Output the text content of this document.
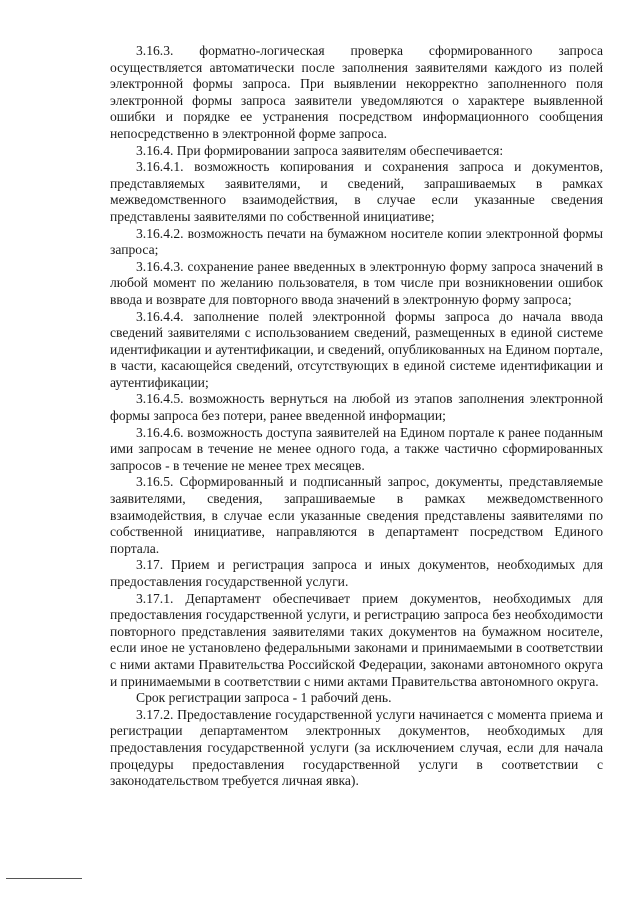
3.16.3. форматно-логическая проверка сформированного запроса осуществляется автоматически после заполнения заявителями каждого из полей электронной формы запроса. При выявлении некорректно заполненного поля электронной формы запроса заявители уведомляются о характере выявленной ошибки и порядке ее устранения посредством информационного сообщения непосредственно в электронной форме запроса.

3.16.4. При формировании запроса заявителям обеспечивается:

3.16.4.1. возможность копирования и сохранения запроса и документов, представляемых заявителями, и сведений, запрашиваемых в рамках межведомственного взаимодействия, в случае если указанные сведения представлены заявителями по собственной инициативе;

3.16.4.2. возможность печати на бумажном носителе копии электронной формы запроса;

3.16.4.3. сохранение ранее введенных в электронную форму запроса значений в любой момент по желанию пользователя, в том числе при возникновении ошибок ввода и возврате для повторного ввода значений в электронную форму запроса;

3.16.4.4. заполнение полей электронной формы запроса до начала ввода сведений заявителями с использованием сведений, размещенных в единой системе идентификации и аутентификации, и сведений, опубликованных на Едином портале, в части, касающейся сведений, отсутствующих в единой системе идентификации и аутентификации;

3.16.4.5. возможность вернуться на любой из этапов заполнения электронной формы запроса без потери, ранее введенной информации;

3.16.4.6. возможность доступа заявителей на Едином портале к ранее поданным ими запросам в течение не менее одного года, а также частично сформированных запросов - в течение не менее трех месяцев.

3.16.5. Сформированный и подписанный запрос, документы, представляемые заявителями, сведения, запрашиваемые в рамках межведомственного взаимодействия, в случае если указанные сведения представлены заявителями по собственной инициативе, направляются в департамент посредством Единого портала.

3.17. Прием и регистрация запроса и иных документов, необходимых для предоставления государственной услуги.

3.17.1. Департамент обеспечивает прием документов, необходимых для предоставления государственной услуги, и регистрацию запроса без необходимости повторного представления заявителями таких документов на бумажном носителе, если иное не установлено федеральными законами и принимаемыми в соответствии с ними актами Правительства Российской Федерации, законами автономного округа и принимаемыми в соответствии с ними актами Правительства автономного округа.

Срок регистрации запроса - 1 рабочий день.

3.17.2. Предоставление государственной услуги начинается с момента приема и регистрации департаментом электронных документов, необходимых для предоставления государственной услуги (за исключением случая, если для начала процедуры предоставления государственной услуги в соответствии с законодательством требуется личная явка).
